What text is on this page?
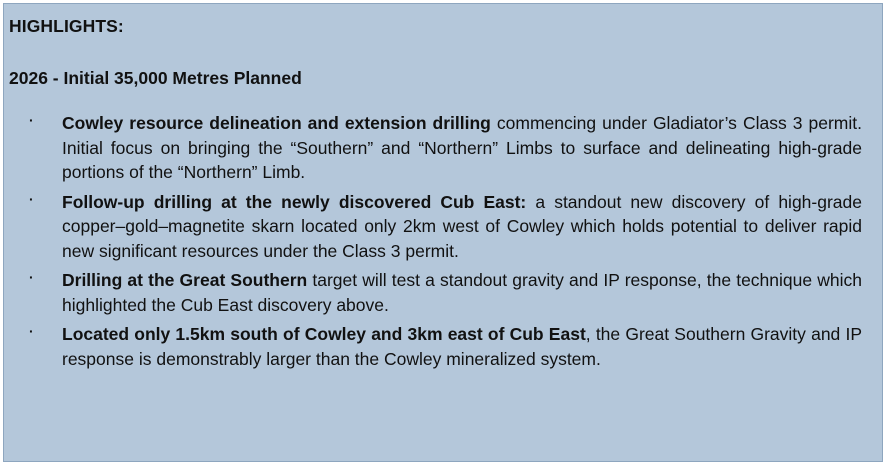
HIGHLIGHTS:
2026 - Initial 35,000 Metres Planned
· Cowley resource delineation and extension drilling commencing under Gladiator’s Class 3 permit. Initial focus on bringing the “Southern” and “Northern” Limbs to surface and delineating high-grade portions of the “Northern” Limb.
· Follow-up drilling at the newly discovered Cub East: a standout new discovery of high-grade copper–gold–magnetite skarn located only 2km west of Cowley which holds potential to deliver rapid new significant resources under the Class 3 permit.
· Drilling at the Great Southern target will test a standout gravity and IP response, the technique which highlighted the Cub East discovery above.
· Located only 1.5km south of Cowley and 3km east of Cub East, the Great Southern Gravity and IP response is demonstrably larger than the Cowley mineralized system.
